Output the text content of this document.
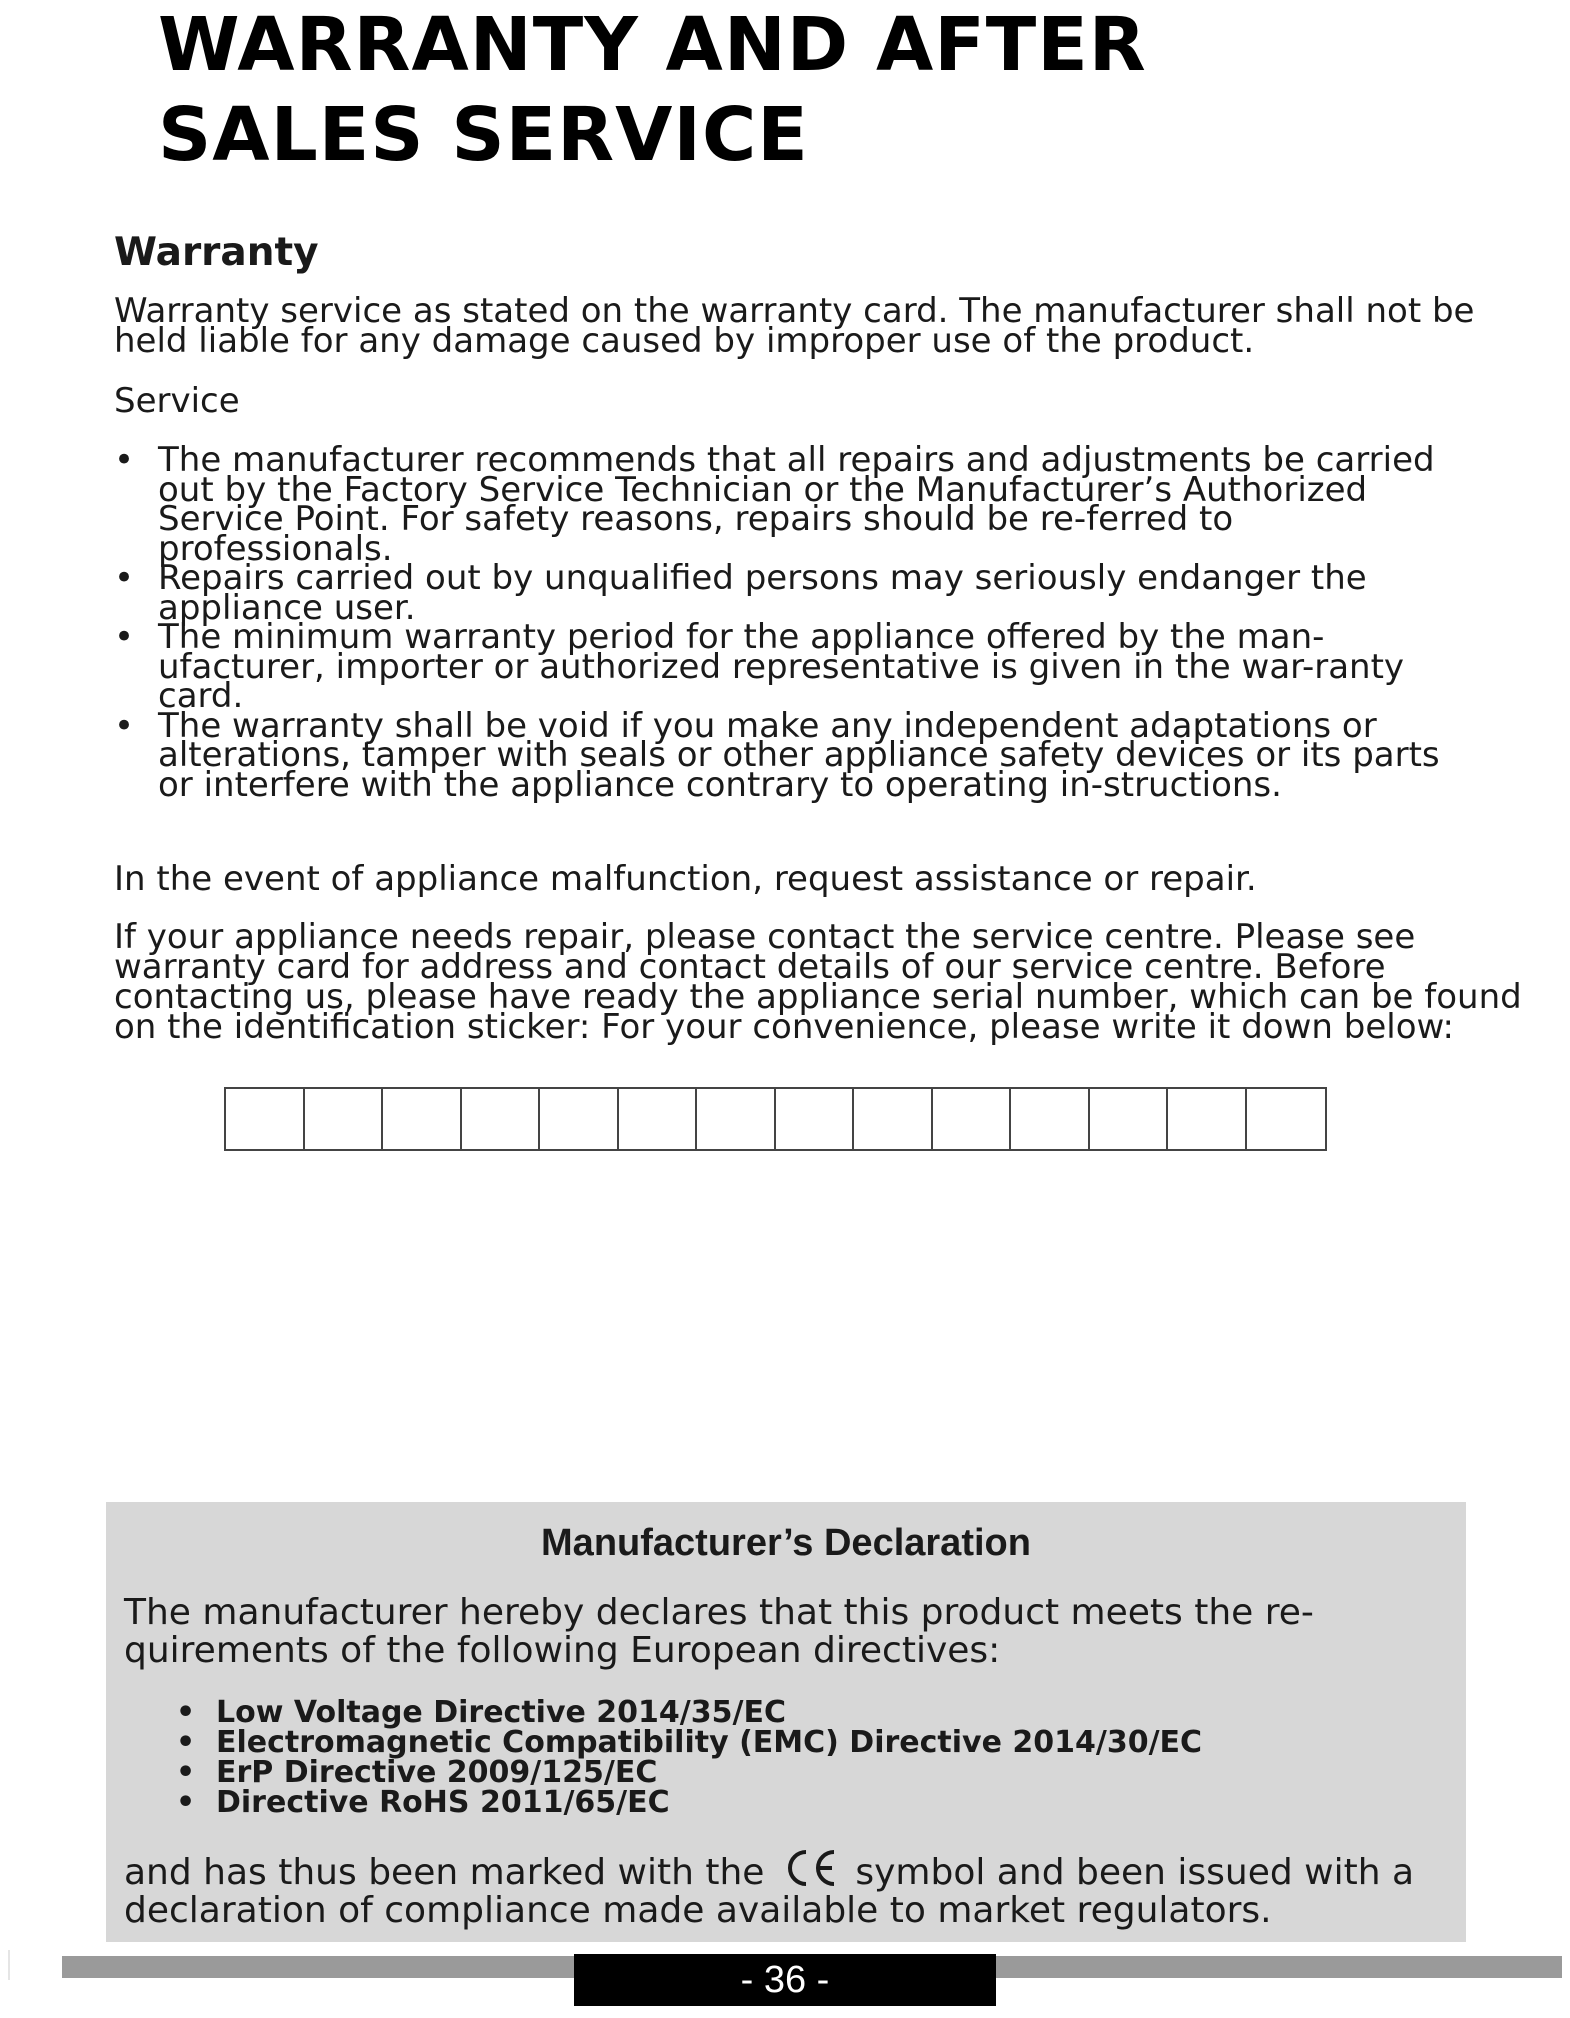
WARRANTY AND AFTER
SALES SERVICE
Warranty

Warranty service as stated on the warranty card. The manufacturer shall not be held liable for any damage caused by improper use of the product.

Service

• The manufacturer recommends that all repairs and adjustments be carried out by the Factory Service Technician or the Manufacturer’s Authorized Service Point. For safety reasons, repairs should be re-ferred to professionals.
• Repairs carried out by unqualified persons may seriously endanger the appliance user.
• The minimum warranty period for the appliance offered by the man-ufacturer, importer or authorized representative is given in the war-ranty card.
• The warranty shall be void if you make any independent adaptations or alterations, tamper with seals or other appliance safety devices or its parts or interfere with the appliance contrary to operating in-structions.

In the event of appliance malfunction, request assistance or repair.

If your appliance needs repair, please contact the service centre. Please see warranty card for address and contact details of our service centre. Before contacting us, please have ready the appliance serial number, which can be found on the identification sticker: For your convenience, please write it down below:

Manufacturer’s Declaration

The manufacturer hereby declares that this product meets the re-quirements of the following European directives:

• Low Voltage Directive 2014/35/EC
• Electromagnetic Compatibility (EMC) Directive 2014/30/EC
• ErP Directive 2009/125/EC
• Directive RoHS 2011/65/EC

and has thus been marked with the	symbol and been issued with a declaration of compliance made available to market regulators.

- 36 -
